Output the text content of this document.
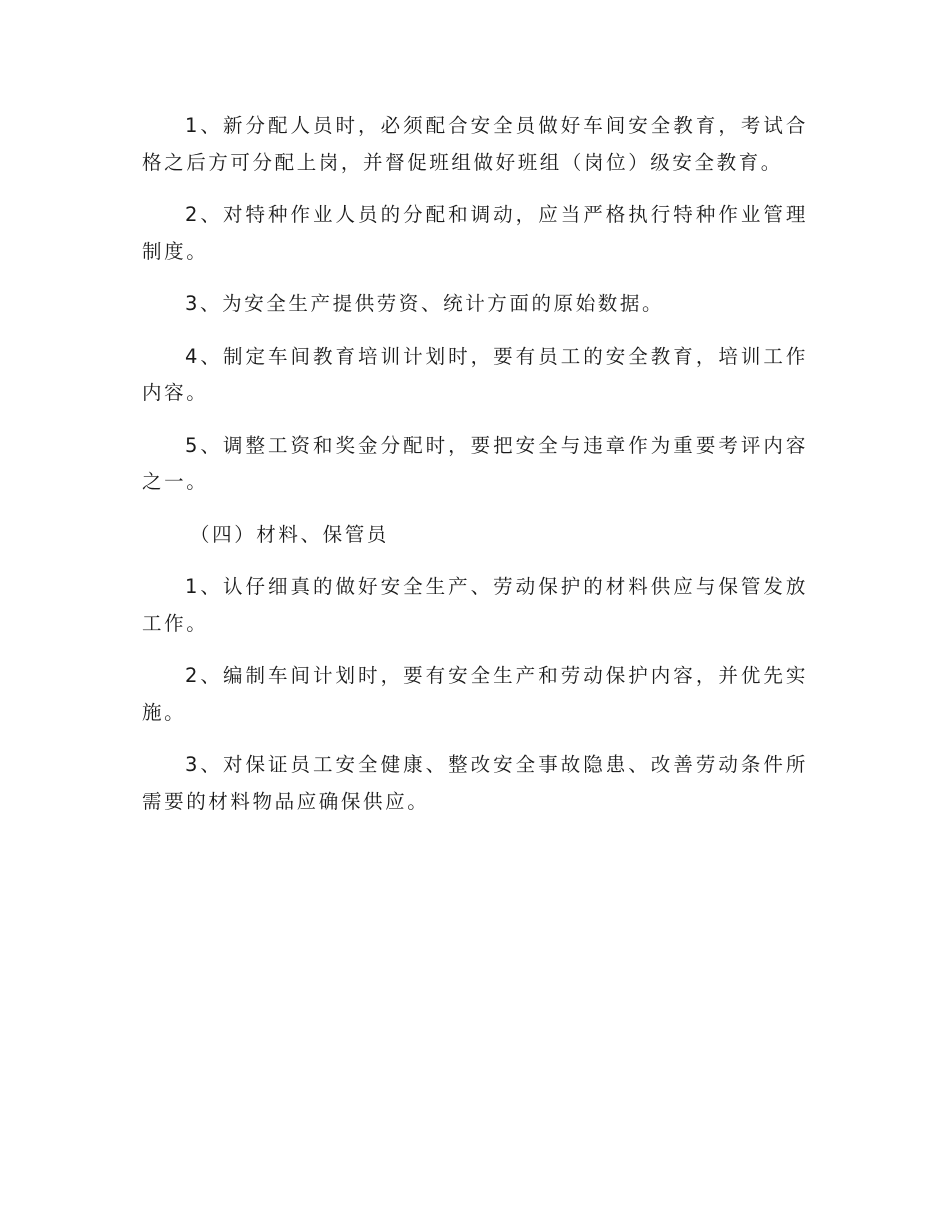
1、新分配人员时，必须配合安全员做好车间安全教育，考试合格之后方可分配上岗，并督促班组做好班组（岗位）级安全教育。

2、对特种作业人员的分配和调动，应当严格执行特种作业管理制度。

3、为安全生产提供劳资、统计方面的原始数据。

4、制定车间教育培训计划时，要有员工的安全教育，培训工作内容。

5、调整工资和奖金分配时，要把安全与违章作为重要考评内容之一。

（四）材料、保管员

1、认仔细真的做好安全生产、劳动保护的材料供应与保管发放工作。

2、编制车间计划时，要有安全生产和劳动保护内容，并优先实施。

3、对保证员工安全健康、整改安全事故隐患、改善劳动条件所需要的材料物品应确保供应。
